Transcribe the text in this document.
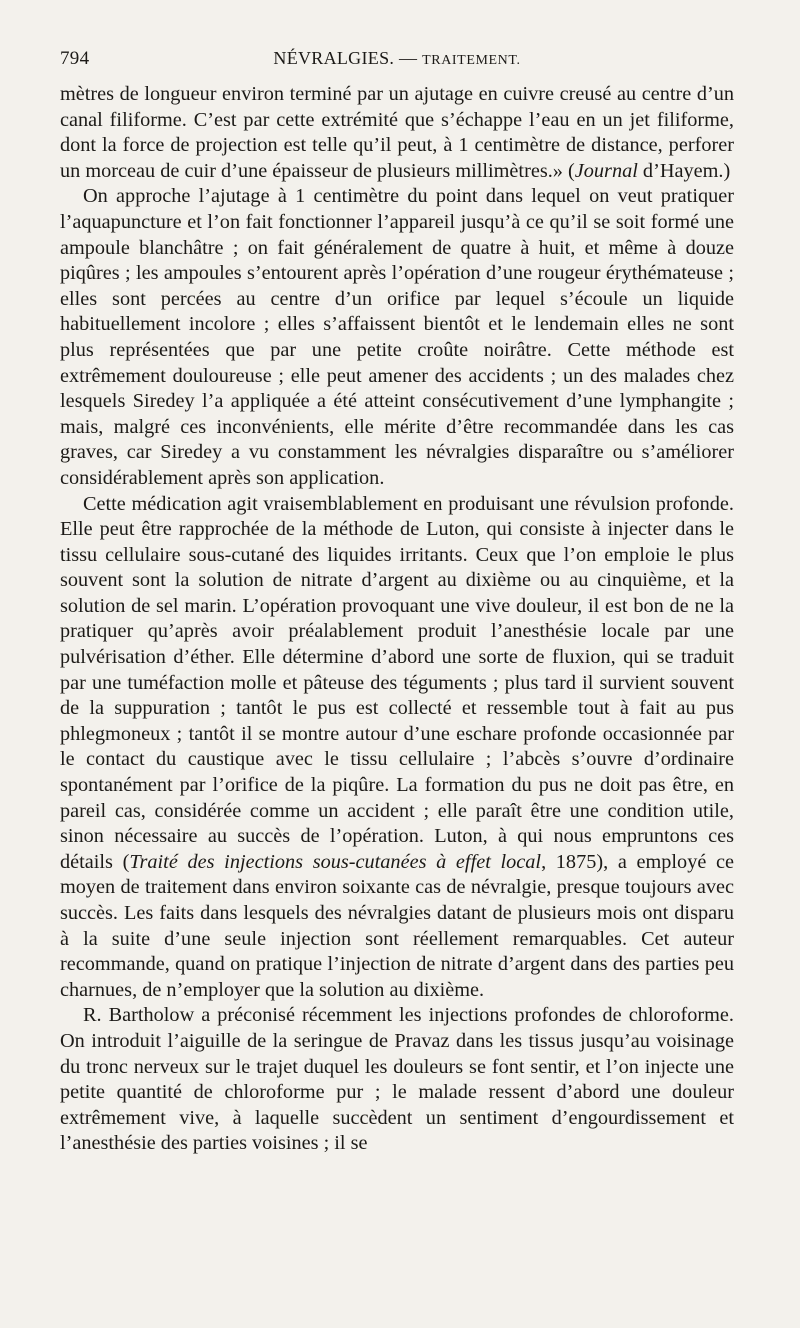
794	NÉVRALGIES. — TRAITEMENT.

mètres de longueur environ terminé par un ajutage en cuivre creusé au centre d’un canal filiforme. C’est par cette extrémité que s’échappe l’eau en un jet filiforme, dont la force de projection est telle qu’il peut, à 1 centimètre de distance, perforer un morceau de cuir d’une épaisseur de plusieurs millimètres.» (Journal d’Hayem.)

On approche l’ajutage à 1 centimètre du point dans lequel on veut pratiquer l’aquapuncture et l’on fait fonctionner l’appareil jusqu’à ce qu’il se soit formé une ampoule blanchâtre ; on fait généralement de quatre à huit, et même à douze piqûres ; les ampoules s’entourent après l’opération d’une rougeur érythémateuse ; elles sont percées au centre d’un orifice par lequel s’écoule un liquide habituellement incolore ; elles s’affaissent bientôt et le lendemain elles ne sont plus représentées que par une petite croûte noirâtre. Cette méthode est extrêmement douloureuse ; elle peut amener des accidents ; un des malades chez lesquels Siredey l’a appliquée a été atteint consécutivement d’une lymphangite ; mais, malgré ces inconvénients, elle mérite d’être recommandée dans les cas graves, car Siredey a vu constamment les névralgies disparaître ou s’améliorer considérablement après son application.

Cette médication agit vraisemblablement en produisant une révulsion profonde. Elle peut être rapprochée de la méthode de Luton, qui consiste à injecter dans le tissu cellulaire sous-cutané des liquides irritants. Ceux que l’on emploie le plus souvent sont la solution de nitrate d’argent au dixième ou au cinquième, et la solution de sel marin. L’opération provoquant une vive douleur, il est bon de ne la pratiquer qu’après avoir préalablement produit l’anesthésie locale par une pulvérisation d’éther. Elle détermine d’abord une sorte de fluxion, qui se traduit par une tuméfaction molle et pâteuse des téguments ; plus tard il survient souvent de la suppuration ; tantôt le pus est collecté et ressemble tout à fait au pus phlegmoneux ; tantôt il se montre autour d’une eschare profonde occasionnée par le contact du caustique avec le tissu cellulaire ; l’abcès s’ouvre d’ordinaire spontanément par l’orifice de la piqûre. La formation du pus ne doit pas être, en pareil cas, considérée comme un accident ; elle paraît être une condition utile, sinon nécessaire au succès de l’opération. Luton, à qui nous empruntons ces détails (Traité des injections sous-cutanées à effet local, 1875), a employé ce moyen de traitement dans environ soixante cas de névralgie, presque toujours avec succès. Les faits dans lesquels des névralgies datant de plusieurs mois ont disparu à la suite d’une seule injection sont réellement remarquables. Cet auteur recommande, quand on pratique l’injection de nitrate d’argent dans des parties peu charnues, de n’employer que la solution au dixième.

R. Bartholow a préconisé récemment les injections profondes de chloroforme. On introduit l’aiguille de la seringue de Pravaz dans les tissus jusqu’au voisinage du tronc nerveux sur le trajet duquel les douleurs se font sentir, et l’on injecte une petite quantité de chloroforme pur ; le malade ressent d’abord une douleur extrêmement vive, à laquelle succèdent un sentiment d’engourdissement et l’anesthésie des parties voisines ; il se
